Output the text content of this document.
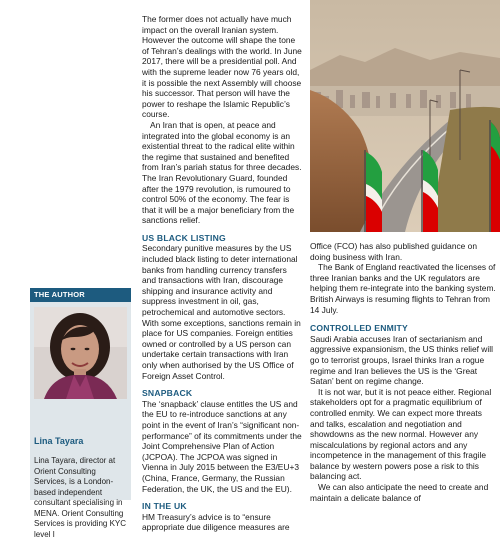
THE AUTHOR
Lina Tayara
Lina Tayara, director at Orient Consulting Services, is a London-based independent consultant specialising in MENA. Orient Consulting Services is providing KYC level I

The former does not actually have much impact on the overall Iranian system. However the outcome will shape the tone of Tehran’s dealings with the world. In June 2017, there will be a presidential poll. And with the supreme leader now 76 years old, it is possible the next Assembly will choose his successor. That person will have the power to reshape the Islamic Republic’s course.

An Iran that is open, at peace and integrated into the global economy is an existential threat to the radical elite within the regime that sustained and benefited from Iran’s pariah status for three decades. The Iran Revolutionary Guard, founded after the 1979 revolution, is rumoured to control 50% of the economy. The fear is that it will be a major beneficiary from the sanctions relief.

US BLACK LISTING

Secondary punitive measures by the US included black listing to deter international banks from handling currency transfers and transactions with Iran, discourage shipping and insurance activity and suppress investment in oil, gas, petrochemical and automotive sectors. With some exceptions, sanctions remain in place for US companies. Foreign entities owned or controlled by a US person can undertake certain transactions with Iran only when authorised by the US Office of Foreign Asset Control.

SNAPBACK

The ‘snapback’ clause entitles the US and the EU to re-introduce sanctions at any point in the event of Iran’s “significant non-performance” of its commitments under the Joint Comprehensive Plan of Action (JCPOA). The JCPOA was signed in Vienna in July 2015 between the E3/EU+3 (China, France, Germany, the Russian Federation, the UK, the US and the EU).

IN THE UK

HM Treasury’s advice is to “ensure appropriate due diligence measures are

Office (FCO) has also published guidance on doing business with Iran.

The Bank of England reactivated the licenses of three Iranian banks and the UK regulators are helping them re-integrate into the banking system. British Airways is resuming flights to Tehran from 14 July.

CONTROLLED ENMITY

Saudi Arabia accuses Iran of sectarianism and aggressive expansionism, the US thinks relief will go to terrorist groups, Israel thinks Iran a rogue regime and Iran believes the US is the ‘Great Satan’ bent on regime change.

It is not war, but it is not peace either. Regional stakeholders opt for a pragmatic equilibrium of controlled enmity. We can expect more threats and talks, escalation and negotiation and showdowns as the new normal. However any miscalculations by regional actors and any incompetence in the management of this fragile balance by western powers pose a risk to this balancing act.

We can also anticipate the need to create and maintain a delicate balance of
